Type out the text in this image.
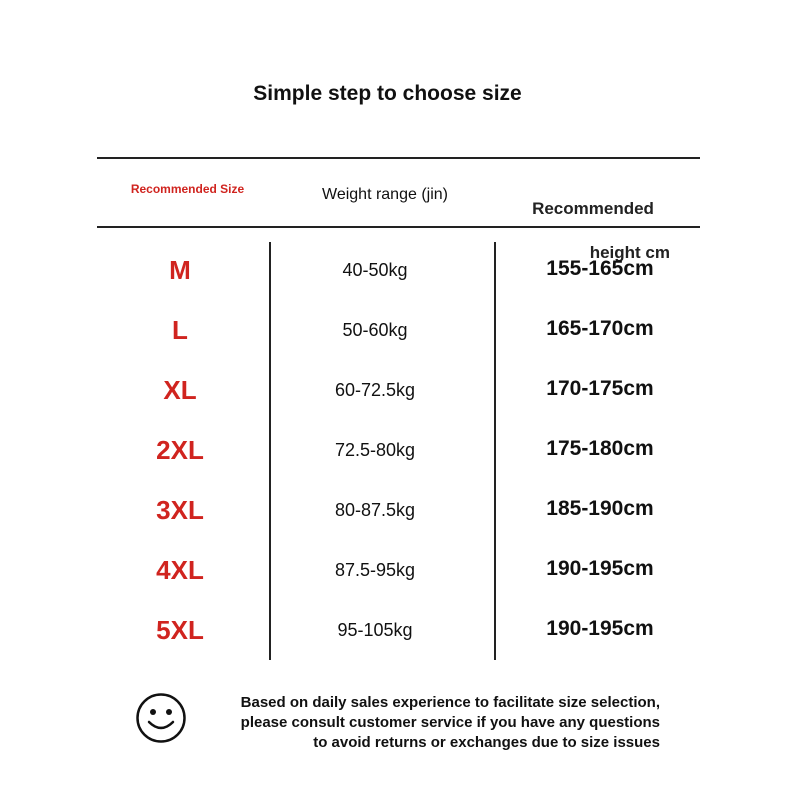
Simple step to choose size
Recommended Size	Weight range (jin)

Recommended

height cm

M	40-50kg	155-165cm
L	50-60kg	165-170cm
XL	60-72.5kg	170-175cm
2XL	72.5-80kg	175-180cm
3XL	80-87.5kg	185-190cm
4XL	87.5-95kg	190-195cm
5XL	95-105kg	190-195cm
Based on daily sales experience to facilitate size selection,
please consult customer service if you have any questions
to avoid returns or exchanges due to size issues
